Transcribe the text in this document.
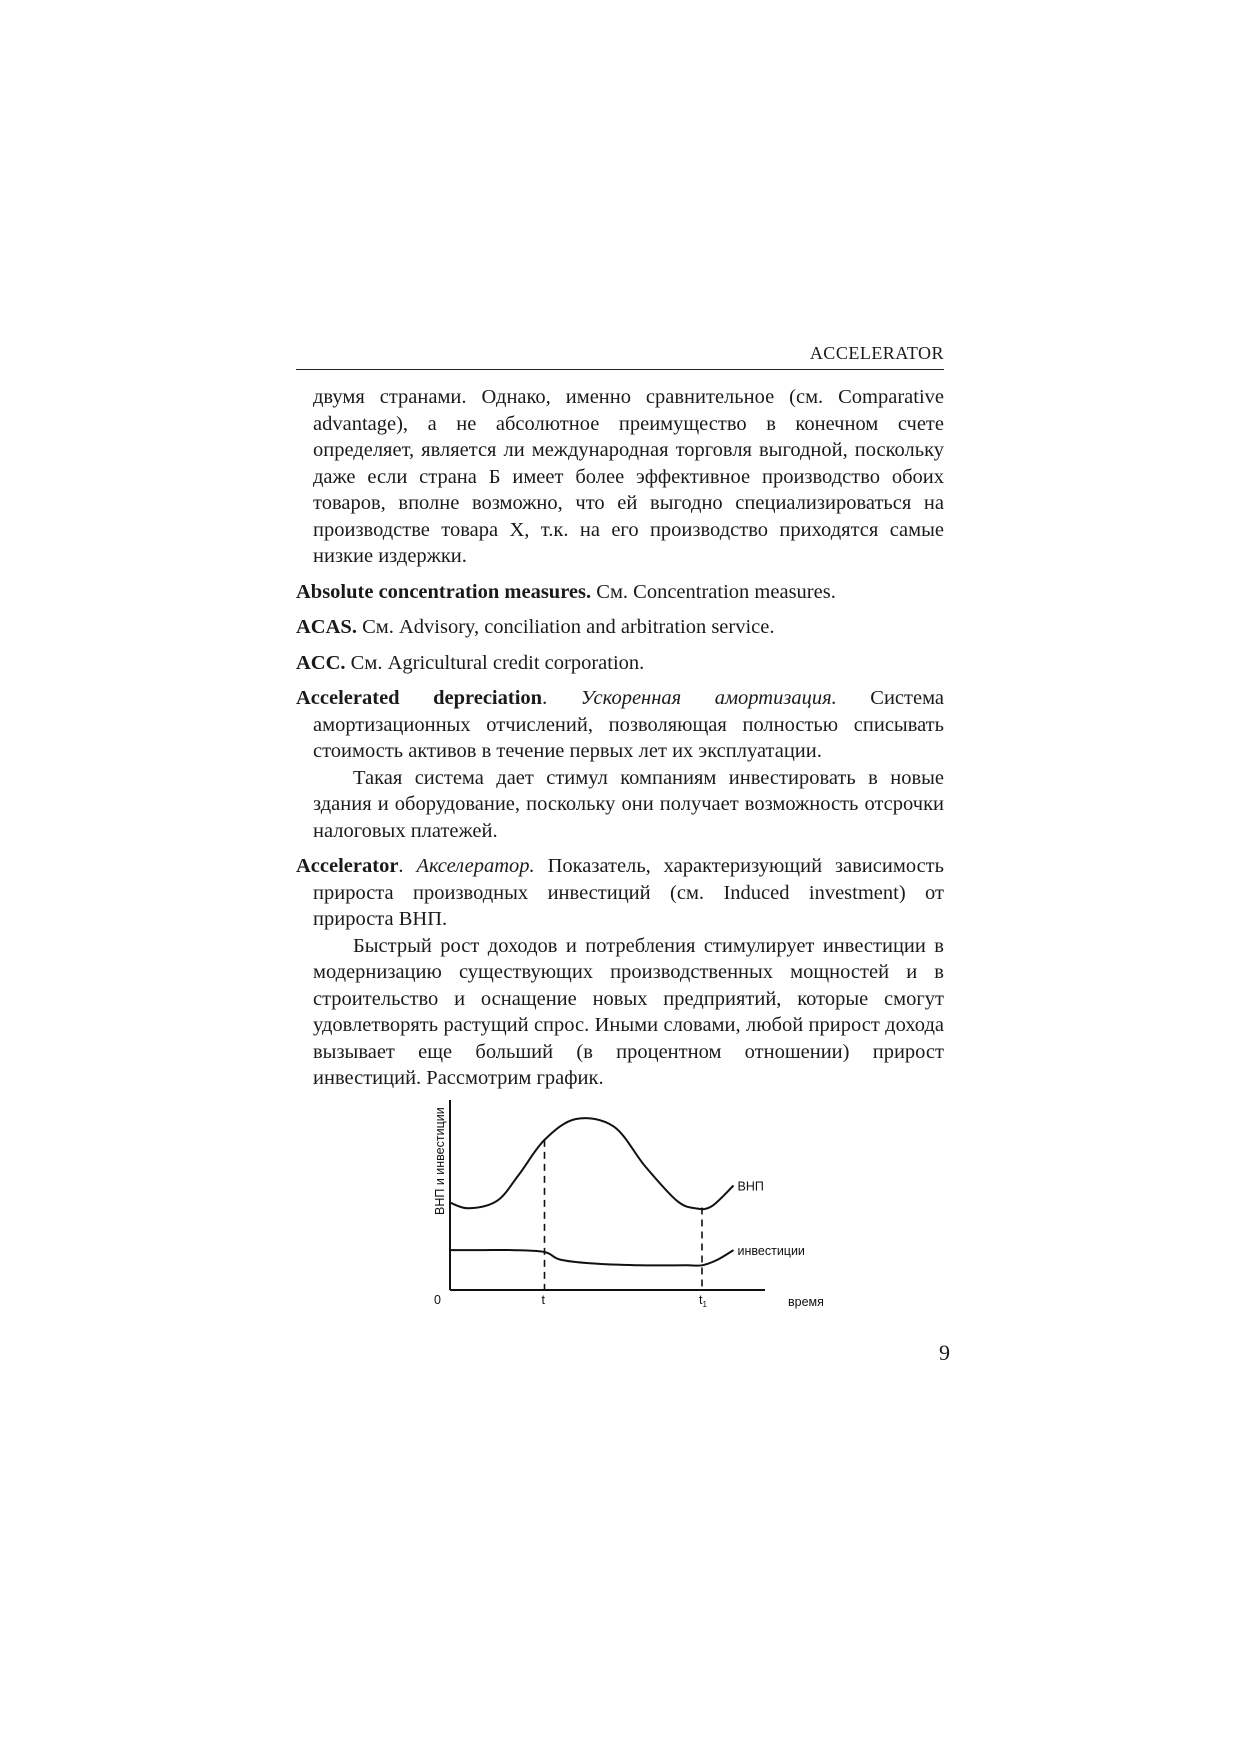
ACCELERATOR

двумя странами. Однако, именно сравнительное (см. Comparative advantage), а не абсолютное преимущество в конечном счете определяет, является ли международная торговля выгодной, поскольку даже если страна Б имеет более эффективное производство обоих товаров, вполне возможно, что ей выгодно специализироваться на производстве товара X, т.к. на его производство приходятся самые низкие издержки.

Absolute concentration measures. См. Concentration measures.

ACAS. См. Advisory, conciliation and arbitration service.

ACC. См. Agricultural credit corporation.

Accelerated depreciation. Ускоренная амортизация. Система амортизационных отчислений, позволяющая полностью списывать стоимость активов в течение первых лет их эксплуатации.

Такая система дает стимул компаниям инвестировать в новые здания и оборудование, поскольку они получает возможность отсрочки налоговых платежей.

Accelerator. Акселератор. Показатель, характеризующий зависимость прироста производных инвестиций (см. Induced investment) от прироста ВНП.

Быстрый рост доходов и потребления стимулирует инвестиции в модернизацию существующих производственных мощностей и в строительство и оснащение новых предприятий, которые смогут удовлетворять растущий спрос. Иными словами, любой прирост дохода вызывает еще больший (в процентном отношении) прирост инвестиций. Рассмотрим график.

ВНП и инвестиции
0	время
ВНП
инвестиции
t	$t_1$
9
